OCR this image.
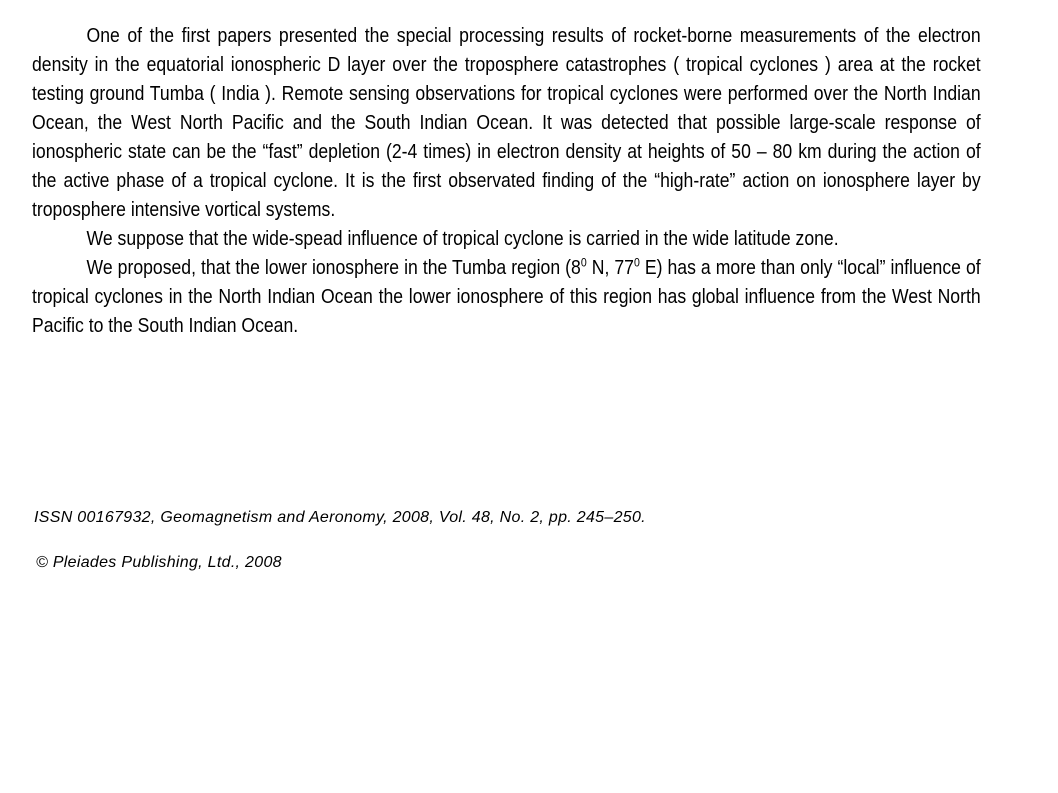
One of the first papers presented the special processing results of rocket-borne measurements of the electron density in the equatorial ionospheric D layer over the troposphere catastrophes ( tropical cyclones ) area at the rocket testing ground Tumba ( India ). Remote sensing observations for tropical cyclones were performed over the North Indian Ocean, the West North Pacific and the South Indian Ocean. It was detected that possible large-scale response of ionospheric state can be the “fast” depletion (2-4 times) in electron density at heights of 50 – 80 km during the action of the active phase of a tropical cyclone. It is the first observated finding of the “high-rate” action on ionosphere layer by troposphere intensive vortical systems.

We suppose that the wide-spead influence of tropical cyclone is carried in the wide latitude zone.

We proposed, that the lower ionosphere in the Tumba region ($8^0$ N, $77^0$ E) has a more than only “local” influence of tropical cyclones in the North Indian Ocean the lower ionosphere of this region has global influence from the West North Pacific to the South Indian Ocean.

ISSN 00167932, Geomagnetism and Aeronomy, 2008, Vol. 48, No. 2, pp. 245–250.
© Pleiades Publishing, Ltd., 2008
